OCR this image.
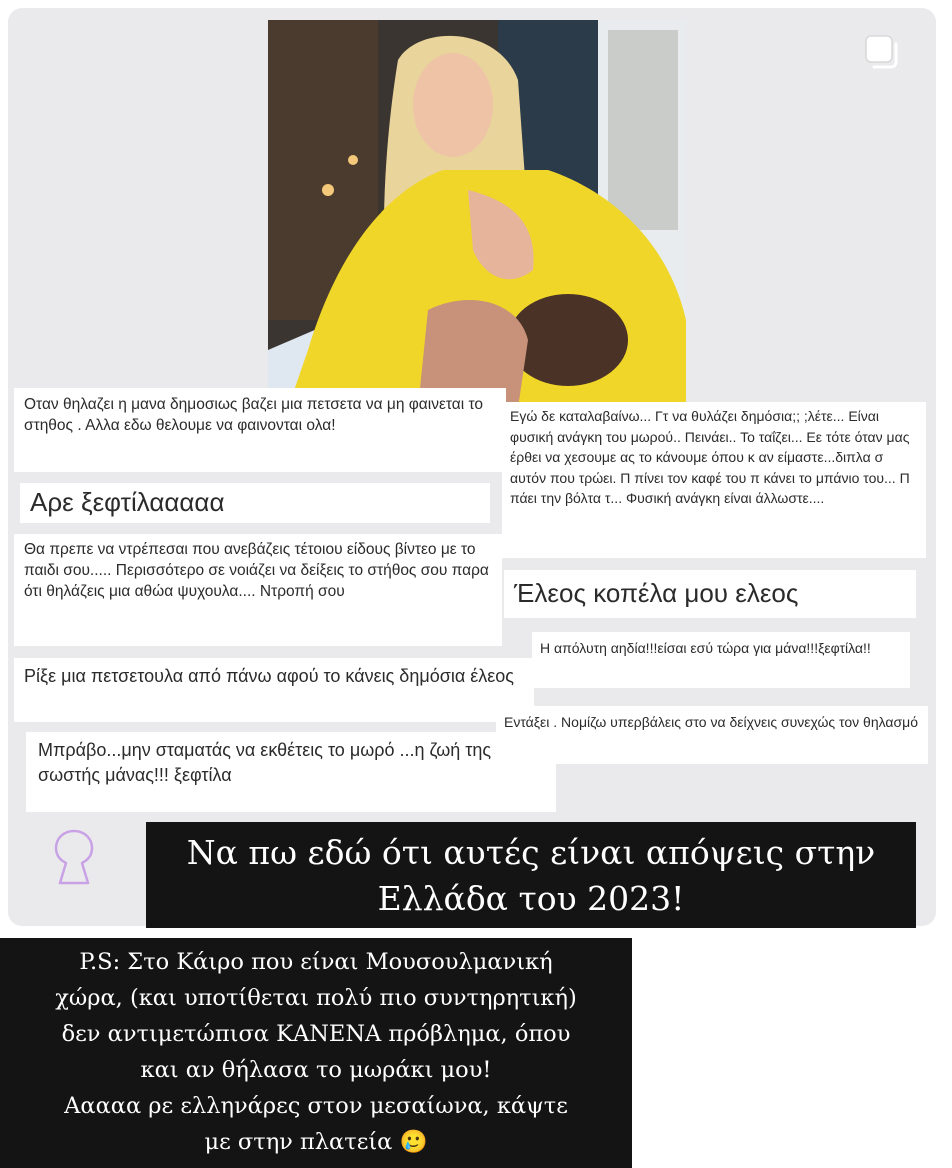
Οταν θηλαζει η μανα δημοσιως βαζει μια πετσετα να μη φαινεται το στηθος . Αλλα εδω θελουμε να φαινονται ολα!
Εγώ δε καταλαβαίνω... Γτ να θυλάζει δημόσια;; ;λέτε... Είναι φυσική ανάγκη του μωρού.. Πεινάει.. Το ταΐζει... Εε τότε όταν μας έρθει να χεσουμε ας το κάνουμε όπου κ αν είμαστε...διπλα σ αυτόν που τρώει. Π πίνει τον καφέ του π κάνει το μπάνιο του... Π πάει την βόλτα τ... Φυσική ανάγκη είναι άλλωστε....
Αρε ξεφτίλααααα
Θα πρεπε να ντρέπεσαι που ανεβάζεις τέτοιου είδους βίντεο με το παιδι σου..... Περισσότερο σε νοιάζει να δείξεις το στήθος σου παρα ότι θηλάζεις μια αθώα ψυχουλα.... Ντροπή σου	Έλεος κοπέλα μου ελεος
Η απόλυτη αηδία!!!είσαι εσύ τώρα για μάνα!!!ξεφτίλα!!
Ρίξε μια πετσετουλα από πάνω αφού το κάνεις δημόσια έλεος
Εντάξει . Νομίζω υπερβάλεις στο να δείχνεις συνεχώς τον θηλασμό
Μπράβο...μην σταματάς να εκθέτεις το μωρό ...η ζωή της σωστής μάνας!!! ξεφτίλα
Να πω εδώ ότι αυτές είναι απόψεις στην
Ελλάδα του 2023!
P.S: Στο Κάιρο που είναι Μουσουλμανική
χώρα, (και υποτίθεται πολύ πιο συντηρητική)
δεν αντιμετώπισα ΚΑΝΕΝΑ πρόβλημα, όπου
και αν θήλασα το μωράκι μου!
Ααααα ρε ελληνάρες στον μεσαίωνα, κάψτε
με στην πλατεία 🥲
